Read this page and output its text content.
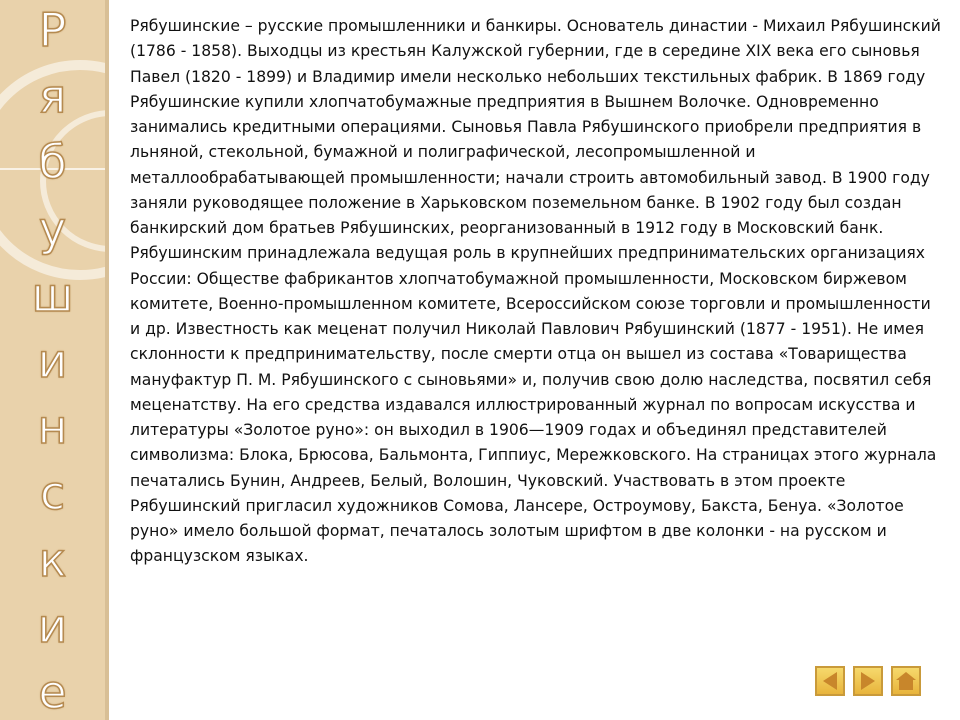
Р
я
б
у
ш
и
н
с
к
и
е

Рябушинские – русские промышленники и банкиры. Основатель династии - Михаил Рябушинский (1786 - 1858). Выходцы из крестьян Калужской губернии, где в середине XIX века его сыновья Павел (1820 - 1899) и Владимир имели несколько небольших текстильных фабрик. В 1869 году Рябушинские купили хлопчатобумажные предприятия в Вышнем Волочке. Одновременно занимались кредитными операциями. Сыновья Павла Рябушинского приобрели предприятия в льняной, стекольной, бумажной и полиграфической, лесопромышленной и металлообрабатывающей промышленности; начали строить автомобильный завод. В 1900 году заняли руководящее положение в Харьковском поземельном банке. В 1902 году был создан банкирский дом братьев Рябушинских, реорганизованный в 1912 году в Московский банк. Рябушинским принадлежала ведущая роль в крупнейших предпринимательских организациях России: Обществе фабрикантов хлопчатобумажной промышленности, Московском биржевом комитете, Военно-промышленном комитете, Всероссийском союзе торговли и промышленности и др. Известность как меценат получил Николай Павлович Рябушинский (1877 - 1951). Не имея склонности к предпринимательству, после смерти отца он вышел из состава «Товарищества мануфактур П. М. Рябушинского с сыновьями» и, получив свою долю наследства, посвятил себя меценатству. На его средства издавался иллюстрированный журнал по вопросам искусства и литературы «Золотое руно»: он выходил в 1906—1909 годах и объединял представителей символизма: Блока, Брюсова, Бальмонта, Гиппиус, Мережковского. На страницах этого журнала печатались Бунин, Андреев, Белый, Волошин, Чуковский. Участвовать в этом проекте Рябушинский пригласил художников Сомова, Лансере, Остроумову, Бакста, Бенуа. «Золотое руно» имело большой формат, печаталось золотым шрифтом в две колонки - на русском и французском языках.
